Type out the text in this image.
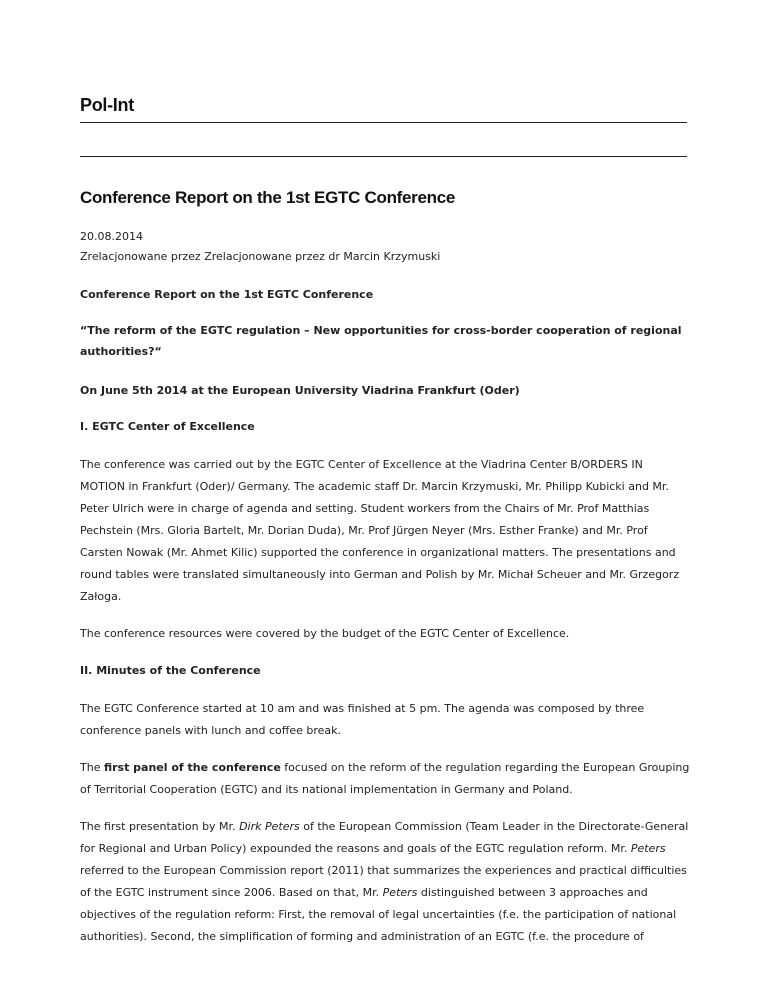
Pol-Int
Conference Report on the 1st EGTC Conference

20.08.2014

Zrelacjonowane przez Zrelacjonowane przez dr Marcin Krzymuski

Conference Report on the 1st EGTC Conference

“The reform of the EGTC regulation – New opportunities for cross-border cooperation of regional authorities?“

On June 5th 2014 at the European University Viadrina Frankfurt (Oder)

I. EGTC Center of Excellence

The conference was carried out by the EGTC Center of Excellence at the Viadrina Center B/ORDERS IN MOTION in Frankfurt (Oder)/ Germany. The academic staff Dr. Marcin Krzymuski, Mr. Philipp Kubicki and Mr. Peter Ulrich were in charge of agenda and setting. Student workers from the Chairs of Mr. Prof Matthias Pechstein (Mrs. Gloria Bartelt, Mr. Dorian Duda), Mr. Prof Jürgen Neyer (Mrs. Esther Franke) and Mr. Prof Carsten Nowak (Mr. Ahmet Kilic) supported the conference in organizational matters. The presentations and round tables were translated simultaneously into German and Polish by Mr. Michał Scheuer and Mr. Grzegorz Załoga.

The conference resources were covered by the budget of the EGTC Center of Excellence.

II. Minutes of the Conference

The EGTC Conference started at 10 am and was finished at 5 pm. The agenda was composed by three conference panels with lunch and coffee break.

The first panel of the conference focused on the reform of the regulation regarding the European Grouping of Territorial Cooperation (EGTC) and its national implementation in Germany and Poland.

The first presentation by Mr. Dirk Peters of the European Commission (Team Leader in the Directorate-General for Regional and Urban Policy) expounded the reasons and goals of the EGTC regulation reform. Mr. Peters referred to the European Commission report (2011) that summarizes the experiences and practical difficulties of the EGTC instrument since 2006. Based on that, Mr. Peters distinguished between 3 approaches and objectives of the regulation reform: First, the removal of legal uncertainties (f.e. the participation of national authorities). Second, the simplification of forming and administration of an EGTC (f.e. the procedure of
